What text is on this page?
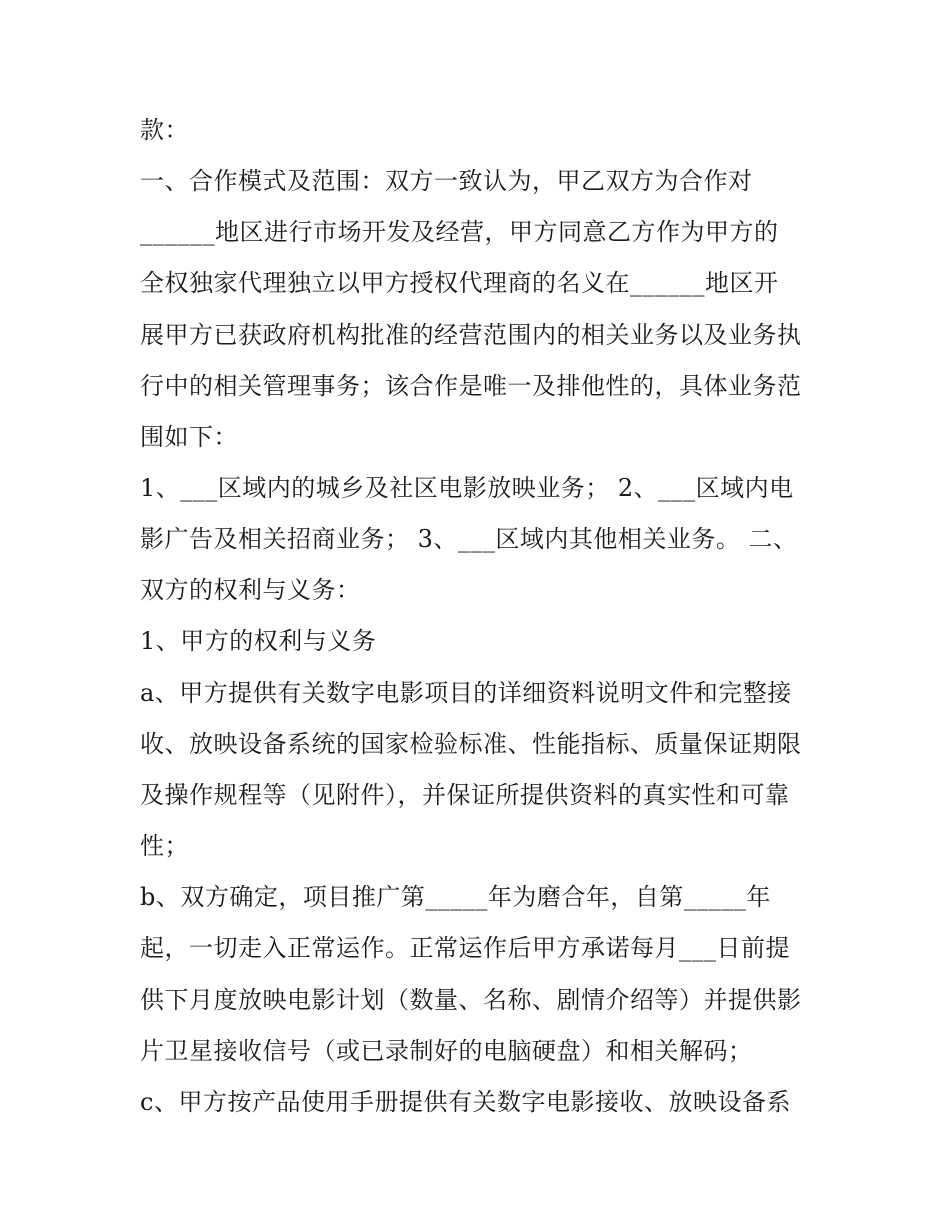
款：
一、合作模式及范围：双方一致认为，甲乙双方为合作对
______地区进行市场开发及经营，甲方同意乙方作为甲方的
全权独家代理独立以甲方授权代理商的名义在______地区开
展甲方已获政府机构批准的经营范围内的相关业务以及业务执
行中的相关管理事务；该合作是唯一及排他性的，具体业务范
围如下：
1、___区域内的城乡及社区电影放映业务； 2、___区域内电
影广告及相关招商业务； 3、___区域内其他相关业务。 二、
双方的权利与义务：
1、甲方的权利与义务
a、甲方提供有关数字电影项目的详细资料说明文件和完整接
收、放映设备系统的国家检验标准、性能指标、质量保证期限
及操作规程等（见附件），并保证所提供资料的真实性和可靠
性；
b、双方确定，项目推广第_____年为磨合年，自第_____年
起，一切走入正常运作。正常运作后甲方承诺每月___日前提
供下月度放映电影计划（数量、名称、剧情介绍等）并提供影
片卫星接收信号（或已录制好的电脑硬盘）和相关解码；
c、甲方按产品使用手册提供有关数字电影接收、放映设备系
